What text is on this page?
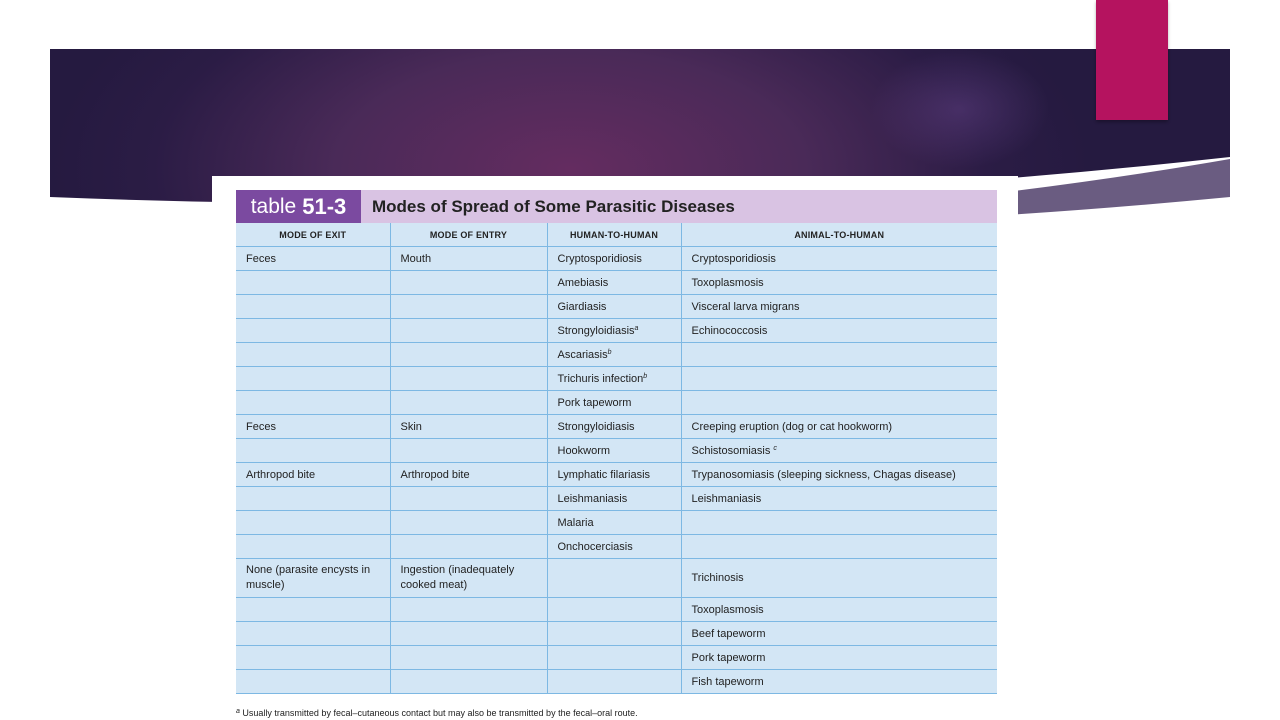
table 51-3 Modes of Spread of Some Parasitic Diseases
MODE OF EXIT	MODE OF ENTRY	HUMAN-TO-HUMAN	ANIMAL-TO-HUMAN
Feces	Mouth	Cryptosporidiosis	Cryptosporidiosis
		Amebiasis	Toxoplasmosis
		Giardiasis	Visceral larva migrans
		Strongyloidiasis$^a$	Echinococcosis
		Ascariasis$^b$	
		Trichuris infection$^b$	
		Pork tapeworm	
Feces	Skin	Strongyloidiasis	Creeping eruption (dog or cat hookworm)
		Hookworm	Schistosomiasis $^c$
Arthropod bite	Arthropod bite	Lymphatic filariasis	Trypanosomiasis (sleeping sickness, Chagas disease)
		Leishmaniasis	Leishmaniasis
		Malaria	
		Onchocerciasis	
None (parasite encysts in muscle)	Ingestion (inadequately cooked meat)		Trichinosis
			Toxoplasmosis
			Beef tapeworm
			Pork tapeworm
			Fish tapeworm
$^a$ Usually transmitted by fecal–cutaneous contact but may also be transmitted by the fecal–oral route.
